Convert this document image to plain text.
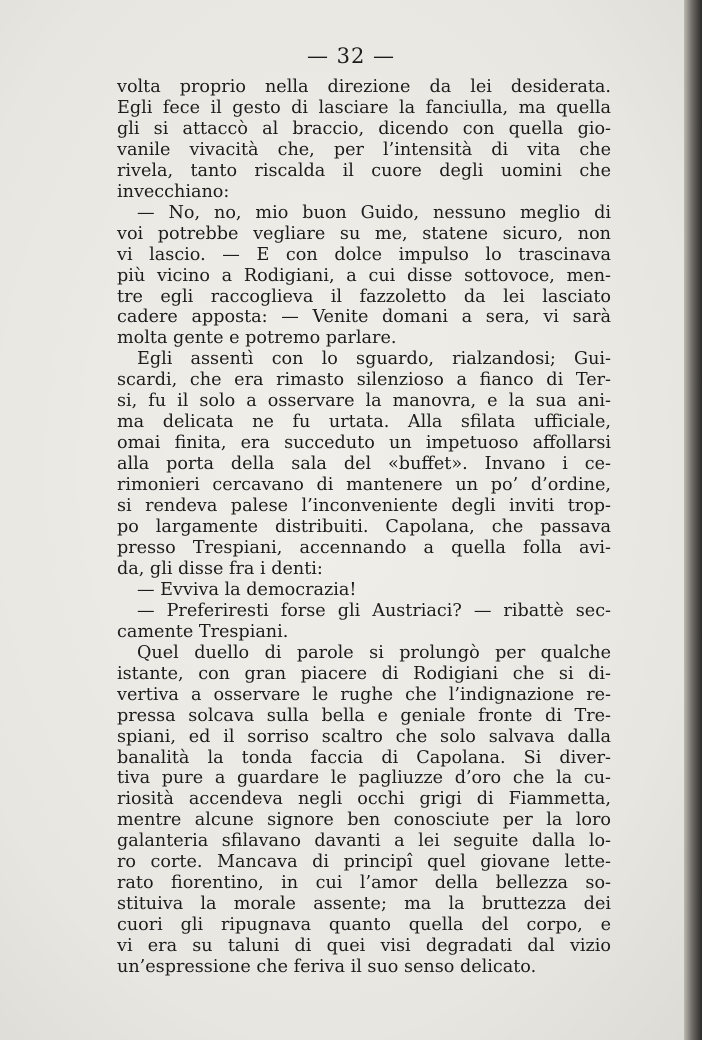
— 32 —
volta proprio nella direzione da lei desiderata.
Egli fece il gesto di lasciare la fanciulla, ma quella
gli si attaccò al braccio, dicendo con quella gio-
vanile vivacità che, per l’intensità di vita che
rivela, tanto riscalda il cuore degli uomini che
invecchiano:
— No, no, mio buon Guido, nessuno meglio di
voi potrebbe vegliare su me, statene sicuro, non
vi lascio. — E con dolce impulso lo trascinava
più vicino a Rodigiani, a cui disse sottovoce, men-
tre egli raccoglieva il fazzoletto da lei lasciato
cadere apposta: — Venite domani a sera, vi sarà
molta gente e potremo parlare.
Egli assentì con lo sguardo, rialzandosi; Gui-
scardi, che era rimasto silenzioso a fianco di Ter-
si, fu il solo a osservare la manovra, e la sua ani-
ma delicata ne fu urtata. Alla sfilata ufficiale,
omai finita, era succeduto un impetuoso affollarsi
alla porta della sala del «buffet». Invano i ce-
rimonieri cercavano di mantenere un po’ d’ordine,
si rendeva palese l’inconveniente degli inviti trop-
po largamente distribuiti. Capolana, che passava
presso Trespiani, accennando a quella folla avi-
da, gli disse fra i denti:
— Evviva la democrazia!
— Preferiresti forse gli Austriaci? — ribattè sec-
camente Trespiani.
Quel duello di parole si prolungò per qualche
istante, con gran piacere di Rodigiani che si di-
vertiva a osservare le rughe che l’indignazione re-
pressa solcava sulla bella e geniale fronte di Tre-
spiani, ed il sorriso scaltro che solo salvava dalla
banalità la tonda faccia di Capolana. Si diver-
tiva pure a guardare le pagliuzze d’oro che la cu-
riosità accendeva negli occhi grigi di Fiammetta,
mentre alcune signore ben conosciute per la loro
galanteria sfilavano davanti a lei seguite dalla lo-
ro corte. Mancava di principî quel giovane lette-
rato fiorentino, in cui l’amor della bellezza so-
stituiva la morale assente; ma la bruttezza dei
cuori gli ripugnava quanto quella del corpo, e
vi era su taluni di quei visi degradati dal vizio
un’espressione che feriva il suo senso delicato.
